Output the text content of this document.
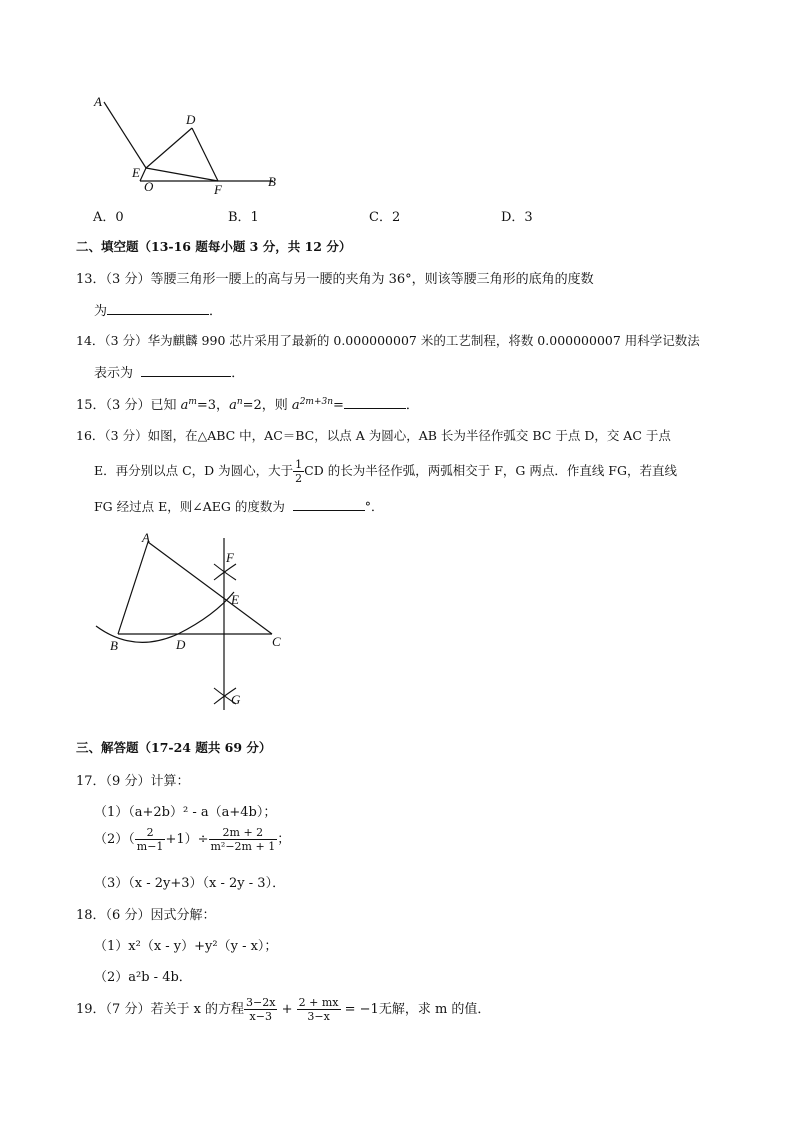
A
D
E
O	F
B
A．0	B．1	C．2	D．3
二、填空题（13-16 题每小题 3 分，共 12 分）
13．（3 分）等腰三角形一腰上的高与另一腰的夹角为 36°，则该等腰三角形的底角的度数
为	．
14．（3 分）华为麒麟 990 芯片采用了最新的 0.000000007 米的工艺制程，将数 0.000000007 用科学记数法
表示为	．
15．（3 分）已知 $a^m=3$，$a^n=2$，则 $a^{2m+3n}=$	．
16．（3 分）如图，在△ABC 中，AC＝BC，以点 A 为圆心，AB 长为半径作弧交 BC 于点 D，交 AC 于点
E．再分别以点 C，D 为圆心，大于 $\frac{1}{2}$ CD 的长为半径作弧，两弧相交于 F，G 两点．作直线 FG，若直线
FG 经过点 E，则∠AEG 的度数为	°．
A
F
E
B	D	C
G
三、解答题（17-24 题共 69 分）
17．（9 分）计算：
（1）（a+2b）² - a（a+4b）；
$(2)( \frac{2}{m-1} +1)\div \frac{2m + 2}{\text{m²−2m + 1}}$ ；
（3）（x - 2y+3）（x - 2y - 3）．
18．（6 分）因式分解：
（1）x²（x - y）+y²（y - x）；
（2）a²b - 4b．
19．（7 分）若关于 x 的方程 $\frac{3-2x}{x-3} + \frac{2 + mx}{3-x} = -1$无解，求 m 的值．
